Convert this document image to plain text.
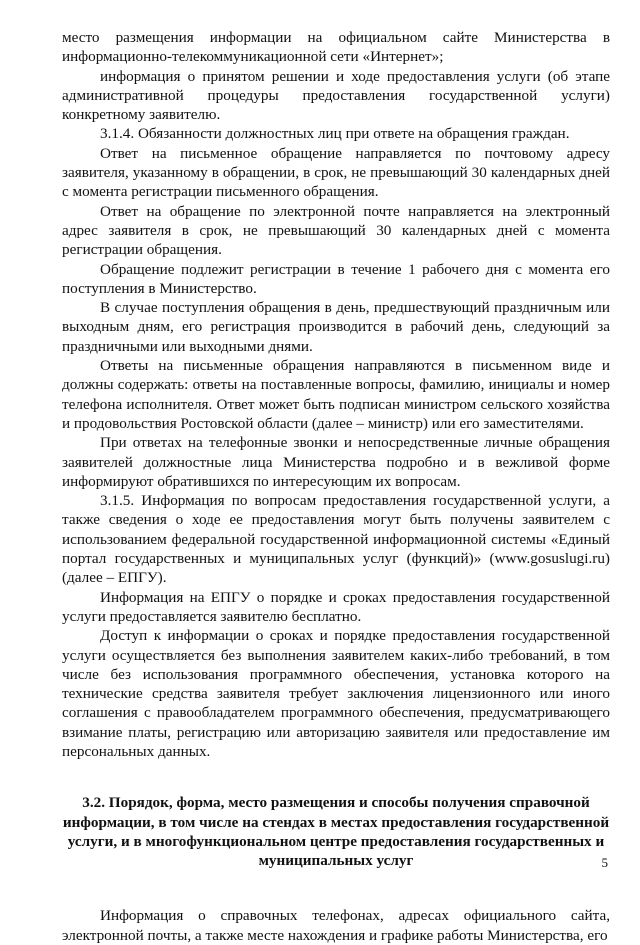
место размещения информации на официальном сайте Министерства в информационно-телекоммуникационной сети «Интернет»;

информация о принятом решении и ходе предоставления услуги (об этапе административной процедуры предоставления государственной услуги) конкретному заявителю.

3.1.4. Обязанности должностных лиц при ответе на обращения граждан.

Ответ на письменное обращение направляется по почтовому адресу заявителя, указанному в обращении, в срок, не превышающий 30 календарных дней с момента регистрации письменного обращения.

Ответ на обращение по электронной почте направляется на электронный адрес заявителя в срок, не превышающий 30 календарных дней с момента регистрации обращения.

Обращение подлежит регистрации в течение 1 рабочего дня с момента его поступления в Министерство.

В случае поступления обращения в день, предшествующий праздничным или выходным дням, его регистрация производится в рабочий день, следующий за праздничными или выходными днями.

Ответы на письменные обращения направляются в письменном виде и должны содержать: ответы на поставленные вопросы, фамилию, инициалы и номер телефона исполнителя. Ответ может быть подписан министром сельского хозяйства и продовольствия Ростовской области (далее – министр) или его заместителями.

При ответах на телефонные звонки и непосредственные личные обращения заявителей должностные лица Министерства подробно и в вежливой форме информируют обратившихся по интересующим их вопросам.

3.1.5. Информация по вопросам предоставления государственной услуги, а также сведения о ходе ее предоставления могут быть получены заявителем с использованием федеральной государственной информационной системы «Единый портал государственных и муниципальных услуг (функций)» (www.gosuslugi.ru) (далее – ЕПГУ).

Информация на ЕПГУ о порядке и сроках предоставления государственной услуги предоставляется заявителю бесплатно.

Доступ к информации о сроках и порядке предоставления государственной услуги осуществляется без выполнения заявителем каких-либо требований, в том числе без использования программного обеспечения, установка которого на технические средства заявителя требует заключения лицензионного или иного соглашения с правообладателем программного обеспечения, предусматривающего взимание платы, регистрацию или авторизацию заявителя или предоставление им персональных данных.

3.2. Порядок, форма, место размещения и способы получения справочной информации, в том числе на стендах в местах предоставления государственной услуги, и в многофункциональном центре предоставления государственных и муниципальных услуг

Информация о справочных телефонах, адресах официального сайта, электронной почты, а также месте нахождения и графике работы Министерства, его

5
